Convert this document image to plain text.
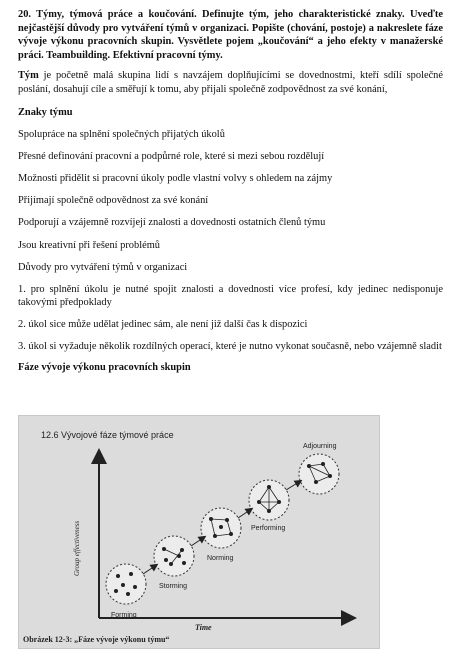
20. Týmy, týmová práce a koučování. Definujte tým, jeho charakteristické znaky. Uveďte nejčastější důvody pro vytváření týmů v organizaci. Popište (chování, postoje) a nakreslete fáze vývoje výkonu pracovních skupin. Vysvětlete pojem „koučování“ a jeho efekty v manažerské práci. Teambuilding. Efektivní pracovní týmy.

Tým je početně malá skupina lidí s navzájem doplňujícími se dovednostmi, kteří sdílí společné poslání, dosahují cíle a směřují k tomu, aby přijali společně zodpovědnost za své konání,

Znaky týmu

Spolupráce na splnění společných přijatých úkolů

Přesné definování pracovní a podpůrné role, které si mezi sebou rozdělují

Možnosti přidělit si pracovní úkoly podle vlastní volvy s ohledem na zájmy

Přijímají společně odpovědnost za své konání

Podporují a vzájemně rozvíjejí znalosti a dovednosti ostatních členů týmu

Jsou kreativní při řešení problémů

Důvody pro vytváření týmů v organizaci

1. pro splnění úkolu je nutné spojit znalosti a dovednosti více profesí, kdy jedinec nedisponuje takovými předpoklady

2. úkol sice může udělat jedinec sám, ale není již další čas k dispozici

3. úkol si vyžaduje několik rozdílných operací, které je nutno vykonat současně, nebo vzájemně sladit

Fáze vývoje výkonu pracovních skupin

12.6 Vývojové fáze týmové práce
Group effectiveness
Time
Forming
Storming
Norming
Performing
Adjourning
Obrázek 12-3: „Fáze vývoje výkonu týmu“
